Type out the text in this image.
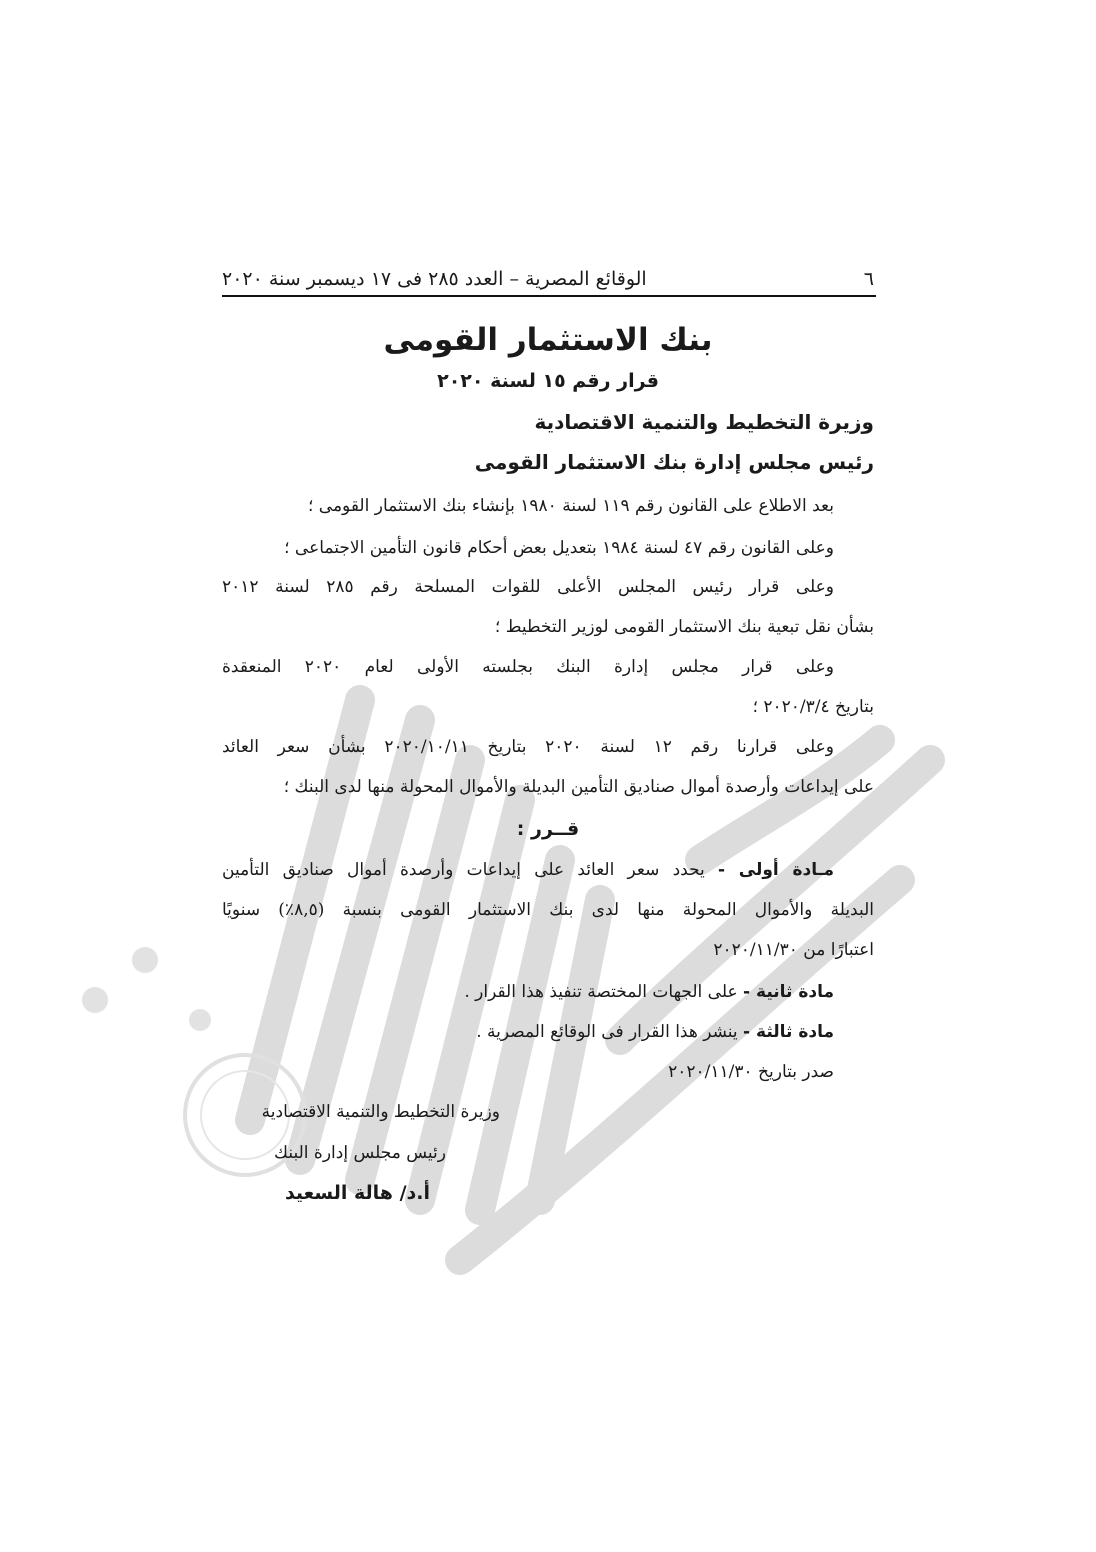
٦
الوقائع المصرية – العدد ٢٨٥ فى ١٧ ديسمبر سنة ٢٠٢٠
بنك الاستثمار القومى
قرار رقم ١٥ لسنة ٢٠٢٠
وزيرة التخطيط والتنمية الاقتصادية
رئيس مجلس إدارة بنك الاستثمار القومى
بعد الاطلاع على القانون رقم ١١٩ لسنة ١٩٨٠ بإنشاء بنك الاستثمار القومى ؛
وعلى القانون رقم ٤٧ لسنة ١٩٨٤ بتعديل بعض أحكام قانون التأمين الاجتماعى ؛
وعلى قرار رئيس المجلس الأعلى للقوات المسلحة رقم ٢٨٥ لسنة ٢٠١٢
بشأن نقل تبعية بنك الاستثمار القومى لوزير التخطيط ؛
وعلى قرار مجلس إدارة البنك بجلسته الأولى لعام ٢٠٢٠ المنعقدة
بتاريخ ٢٠٢٠/٣/٤ ؛
وعلى قرارنا رقم ١٢ لسنة ٢٠٢٠ بتاريخ ٢٠٢٠/١٠/١١ بشأن سعر العائد
على إيداعات وأرصدة أموال صناديق التأمين البديلة والأموال المحولة منها لدى البنك ؛
قــرر :
مـادة أولى - يحدد سعر العائد على إيداعات وأرصدة أموال صناديق التأمين
البديلة والأموال المحولة منها لدى بنك الاستثمار القومى بنسبة (٨,٥٪) سنويًا
اعتبارًا من ٢٠٢٠/١١/٣٠
مادة ثانية - على الجهات المختصة تنفيذ هذا القرار .
مادة ثالثة - ينشر هذا القرار فى الوقائع المصرية .
صدر بتاريخ ٢٠٢٠/١١/٣٠
وزيرة التخطيط والتنمية الاقتصادية
رئيس مجلس إدارة البنك
أ.د/ هالة السعيد
